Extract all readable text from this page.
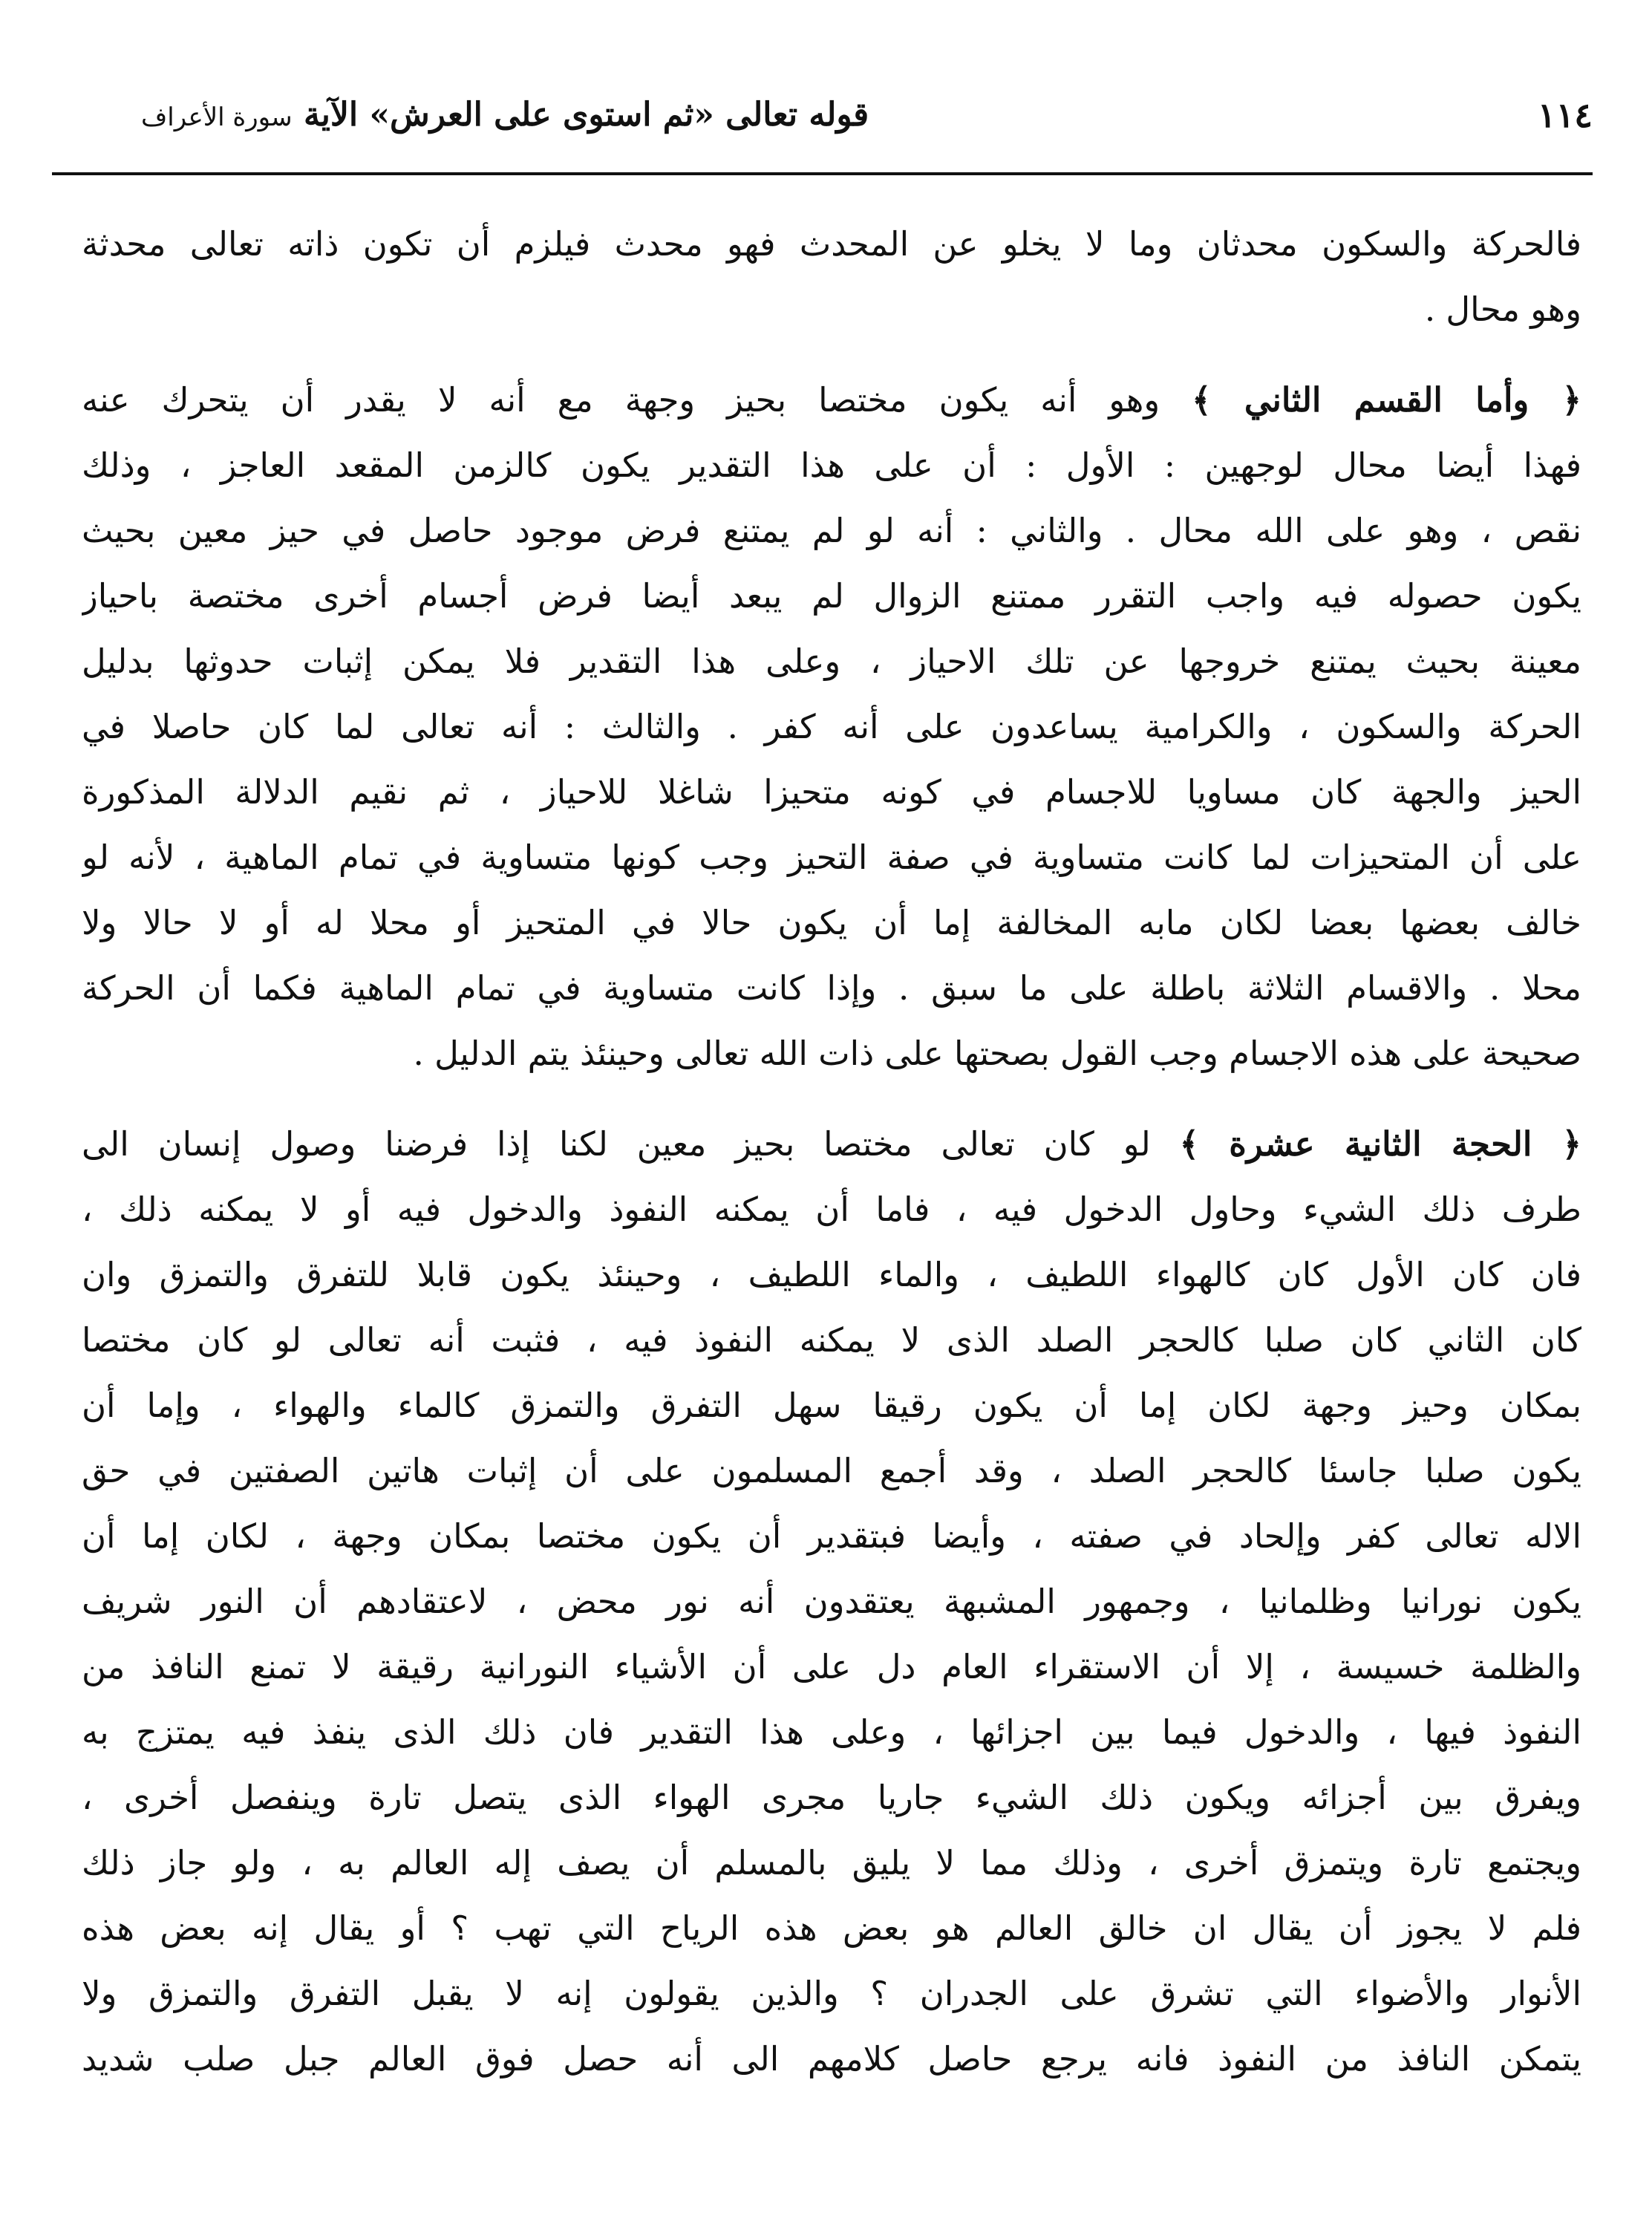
١١٤
قوله تعالى «ثم استوى على العرش» الآية سورة الأعراف
فالحركة والسكون محدثان وما لا يخلو عن المحدث فهو محدث فيلزم أن تكون ذاته تعالى محدثة
وهو محال .
﴿ وأما القسم الثاني ﴾ وهو أنه يكون مختصا بحيز وجهة مع أنه لا يقدر أن يتحرك عنه
فهذا أيضا محال لوجهين : الأول : أن على هذا التقدير يكون كالزمن المقعد العاجز ، وذلك
نقص ، وهو على الله محال . والثاني : أنه لو لم يمتنع فرض موجود حاصل في حيز معين بحيث
يكون حصوله فيه واجب التقرر ممتنع الزوال لم يبعد أيضا فرض أجسام أخرى مختصة باحياز
معينة بحيث يمتنع خروجها عن تلك الاحياز ، وعلى هذا التقدير فلا يمكن إثبات حدوثها بدليل
الحركة والسكون ، والكرامية يساعدون على أنه كفر . والثالث : أنه تعالى لما كان حاصلا في
الحيز والجهة كان مساويا للاجسام في كونه متحيزا شاغلا للاحياز ، ثم نقيم الدلالة المذكورة
على أن المتحيزات لما كانت متساوية في صفة التحيز وجب كونها متساوية في تمام الماهية ، لأنه لو
خالف بعضها بعضا لكان مابه المخالفة إما أن يكون حالا في المتحيز أو محلا له أو لا حالا ولا
محلا . والاقسام الثلاثة باطلة على ما سبق . وإذا كانت متساوية في تمام الماهية فكما أن الحركة
صحيحة على هذه الاجسام وجب القول بصحتها على ذات الله تعالى وحينئذ يتم الدليل .
﴿ الحجة الثانية عشرة ﴾ لو كان تعالى مختصا بحيز معين لكنا إذا فرضنا وصول إنسان الى
طرف ذلك الشيء وحاول الدخول فيه ، فاما أن يمكنه النفوذ والدخول فيه أو لا يمكنه ذلك ،
فان كان الأول كان كالهواء اللطيف ، والماء اللطيف ، وحينئذ يكون قابلا للتفرق والتمزق وان
كان الثاني كان صلبا كالحجر الصلد الذى لا يمكنه النفوذ فيه ، فثبت أنه تعالى لو كان مختصا
بمكان وحيز وجهة لكان إما أن يكون رقيقا سهل التفرق والتمزق كالماء والهواء ، وإما أن
يكون صلبا جاسئا كالحجر الصلد ، وقد أجمع المسلمون على أن إثبات هاتين الصفتين في حق
الاله تعالى كفر وإلحاد في صفته ، وأيضا فبتقدير أن يكون مختصا بمكان وجهة ، لكان إما أن
يكون نورانيا وظلمانيا ، وجمهور المشبهة يعتقدون أنه نور محض ، لاعتقادهم أن النور شريف
والظلمة خسيسة ، إلا أن الاستقراء العام دل على أن الأشياء النورانية رقيقة لا تمنع النافذ من
النفوذ فيها ، والدخول فيما بين اجزائها ، وعلى هذا التقدير فان ذلك الذى ينفذ فيه يمتزج به
ويفرق بين أجزائه ويكون ذلك الشيء جاريا مجرى الهواء الذى يتصل تارة وينفصل أخرى ،
ويجتمع تارة ويتمزق أخرى ، وذلك مما لا يليق بالمسلم أن يصف إله العالم به ، ولو جاز ذلك
فلم لا يجوز أن يقال ان خالق العالم هو بعض هذه الرياح التي تهب ؟ أو يقال إنه بعض هذه
الأنوار والأضواء التي تشرق على الجدران ؟ والذين يقولون إنه لا يقبل التفرق والتمزق ولا
يتمكن النافذ من النفوذ فانه يرجع حاصل كلامهم الى أنه حصل فوق العالم جبل صلب شديد
